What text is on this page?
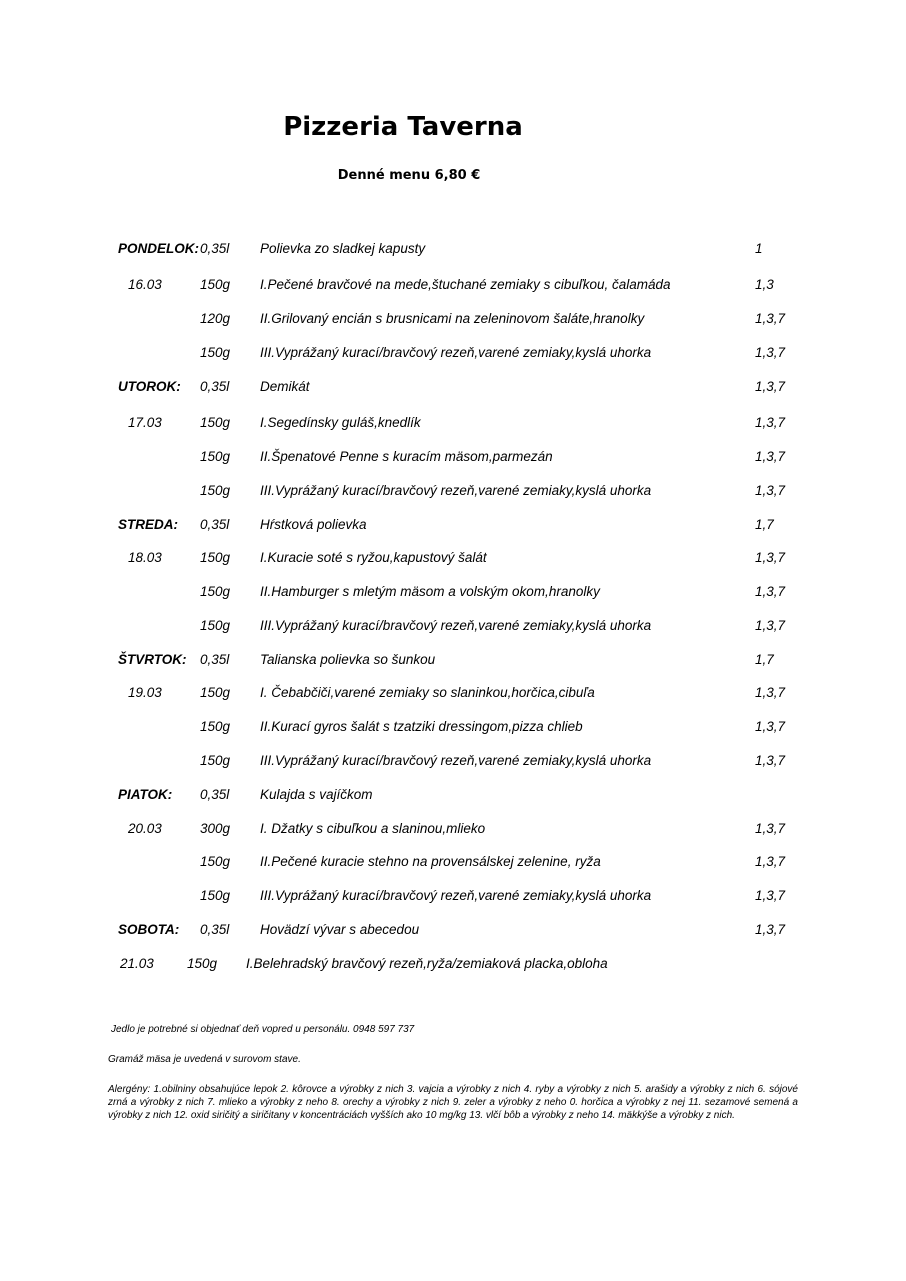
Pizzeria Taverna
Denné menu 6,80 €
PONDELOK: 0,35l Polievka zo sladkej kapusty	1
16.03	150g I.Pečené bravčové na mede,štuchané zemiaky s cibuľkou, čalamáda	1,3
120g II.Grilovaný encián s brusnicami na zeleninovom šaláte,hranolky	1,3,7
150g III.Vyprážaný kurací/bravčový rezeň,varené zemiaky,kyslá uhorka	1,3,7
UTOROK: 0,35l Demikát	1,3,7
17.03	150g I.Segedínsky guláš,knedlík	1,3,7
150g II.Špenatové Penne s kuracím mäsom,parmezán	1,3,7
150g III.Vyprážaný kurací/bravčový rezeň,varené zemiaky,kyslá uhorka	1,3,7
STREDA: 0,35l Hŕstková polievka	1,7
18.03	150g I.Kuracie soté s ryžou,kapustový šalát	1,3,7
150g II.Hamburger s mletým mäsom a volským okom,hranolky	1,3,7
150g III.Vyprážaný kurací/bravčový rezeň,varené zemiaky,kyslá uhorka	1,3,7
ŠTVRTOK: 0,35l Talianska polievka so šunkou	1,7
19.03	150g I. Čebabčiči,varené zemiaky so slaninkou,horčica,cibuľa	1,3,7
150g II.Kurací gyros šalát s tzatziki dressingom,pizza chlieb	1,3,7
150g III.Vyprážaný kurací/bravčový rezeň,varené zemiaky,kyslá uhorka	1,3,7
PIATOK: 0,35l Kulajda s vajíčkom
20.03	300g I. Džatky s cibuľkou a slaninou,mlieko	1,3,7
150g II.Pečené kuracie stehno na provensálskej zelenine, ryža	1,3,7
150g III.Vyprážaný kurací/bravčový rezeň,varené zemiaky,kyslá uhorka	1,3,7
SOBOTA: 0,35l Hovädzí vývar s abecedou	1,3,7
21.03 150g I.Belehradský bravčový rezeň,ryža/zemiaková placka,obloha
Jedlo je potrebné si objednať deň vopred u personálu. 0948 597 737
Gramáž mäsa je uvedená v surovom stave.
Alergény: 1.obilniny obsahujúce lepok 2. kôrovce a výrobky z nich 3. vajcia a výrobky z nich 4. ryby a výrobky z nich 5. arašidy a výrobky z nich 6. sójové zrná a výrobky z nich 7. mlieko a výrobky z neho 8. orechy a výrobky z nich 9. zeler a výrobky z neho 0. horčica a výrobky z nej 11. sezamové semená a výrobky z nich 12. oxid siričitý a siričitany v koncentráciách vyšších ako 10 mg/kg 13. vlčí bôb a výrobky z neho 14. mäkkýše a výrobky z nich.
